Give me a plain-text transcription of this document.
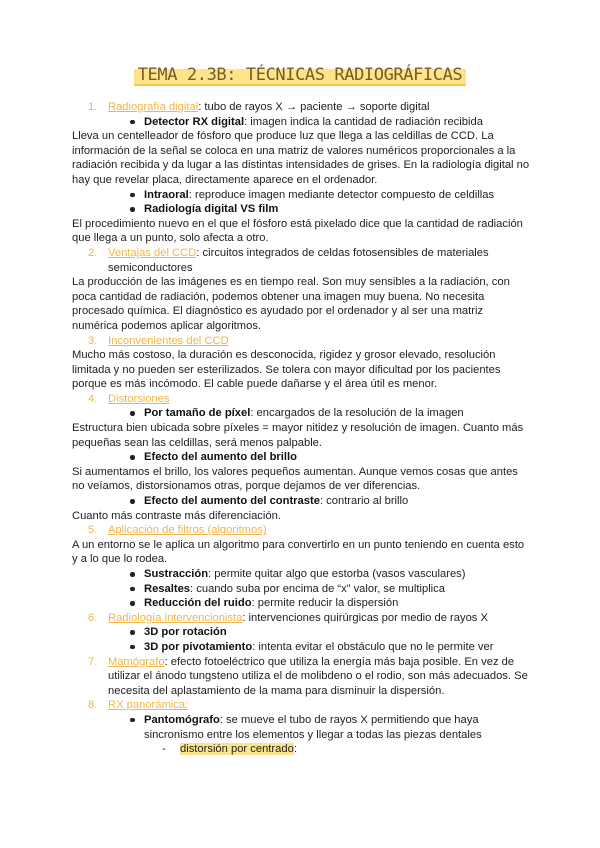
TEMA 2.3B: TÉCNICAS RADIOGRÁFICAS
1. Radiografía digital: tubo de rayos X → paciente → soporte digital
Detector RX digital: imagen indica la cantidad de radiación recibida
Lleva un centelleador de fósforo que produce luz que llega a las celdillas de CCD. La
información de la señal se coloca en una matriz de valores numéricos proporcionales a la
radiación recibida y da lugar a las distintas intensidades de grises. En la radiología digital no
hay que revelar placa, directamente aparece en el ordenador.
Intraoral: reproduce imagen mediante detector compuesto de celdillas
Radiología digital VS film
El procedimiento nuevo en el que el fósforo está pixelado dice que la cantidad de radiación
que llega a un punto, solo afecta a otro.
2. Ventajas del CCD: circuitos integrados de celdas fotosensibles de materiales
semiconductores
La producción de las imágenes es en tiempo real. Son muy sensibles a la radiación, con
poca cantidad de radiación, podemos obtener una imagen muy buena. No necesita
procesado química. El diagnóstico es ayudado por el ordenador y al ser una matriz
numérica podemos aplicar algoritmos.
3. Inconvenientes del CCD
Mucho más costoso, la duración es desconocida, rigidez y grosor elevado, resolución
limitada y no pueden ser esterilizados. Se tolera con mayor dificultad por los pacientes
porque es más incómodo. El cable puede dañarse y el área útil es menor.
4. Distorsiones
Por tamaño de píxel: encargados de la resolución de la imagen
Estructura bien ubicada sobre píxeles = mayor nitidez y resolución de imagen. Cuanto más
pequeñas sean las celdillas, será menos palpable.
Efecto del aumento del brillo
Si aumentamos el brillo, los valores pequeños aumentan. Aunque vemos cosas que antes
no veíamos, distorsionamos otras, porque dejamos de ver diferencias.
Efecto del aumento del contraste: contrario al brillo
Cuanto más contraste más diferenciación.
5. Aplicación de filtros (algoritmos)
A un entorno se le aplica un algoritmo para convertirlo en un punto teniendo en cuenta esto
y a lo que lo rodea.
Sustracción: permite quitar algo que estorba (vasos vasculares)
Resaltes: cuando suba por encima de “x” valor, se multiplica
Reducción del ruido: permite reducir la dispersión
6. Radiología intervencionista: intervenciones quirúrgicas por medio de rayos X
3D por rotación
3D por pivotamiento: intenta evitar el obstáculo que no le permite ver
7. Mamógrafo: efecto fotoeléctrico que utiliza la energía más baja posible. En vez de
utilizar el ánodo tungsteno utiliza el de molibdeno o el rodio, son más adecuados. Se
necesita del aplastamiento de la mama para disminuir la dispersión.
8. RX panorámica:
Pantomógrafo: se mueve el tubo de rayos X permitiendo que haya
sincronismo entre los elementos y llegar a todas las piezas dentales
- distorsión por centrado:
